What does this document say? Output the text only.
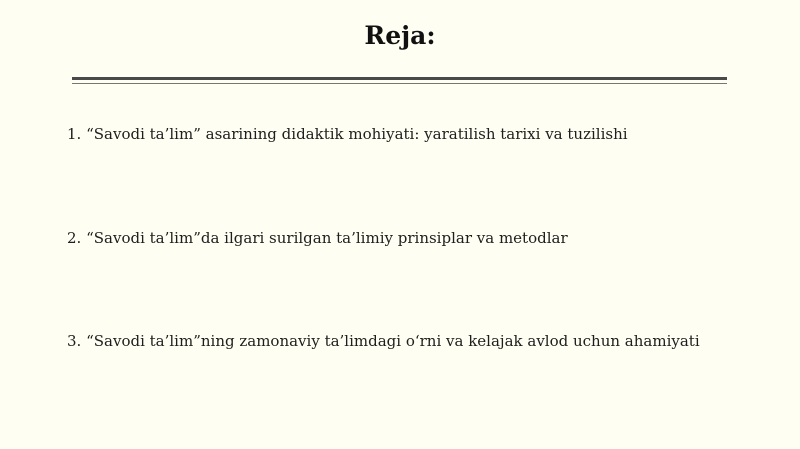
Reja:
1. “Savodi ta’lim” asarining didaktik mohiyati: yaratilish tarixi va tuzilishi
2. “Savodi ta’lim”da ilgari surilgan ta’limiy prinsiplar va metodlar
3. “Savodi ta’lim”ning zamonaviy ta’limdagi o‘rni va kelajak avlod uchun ahamiyati
